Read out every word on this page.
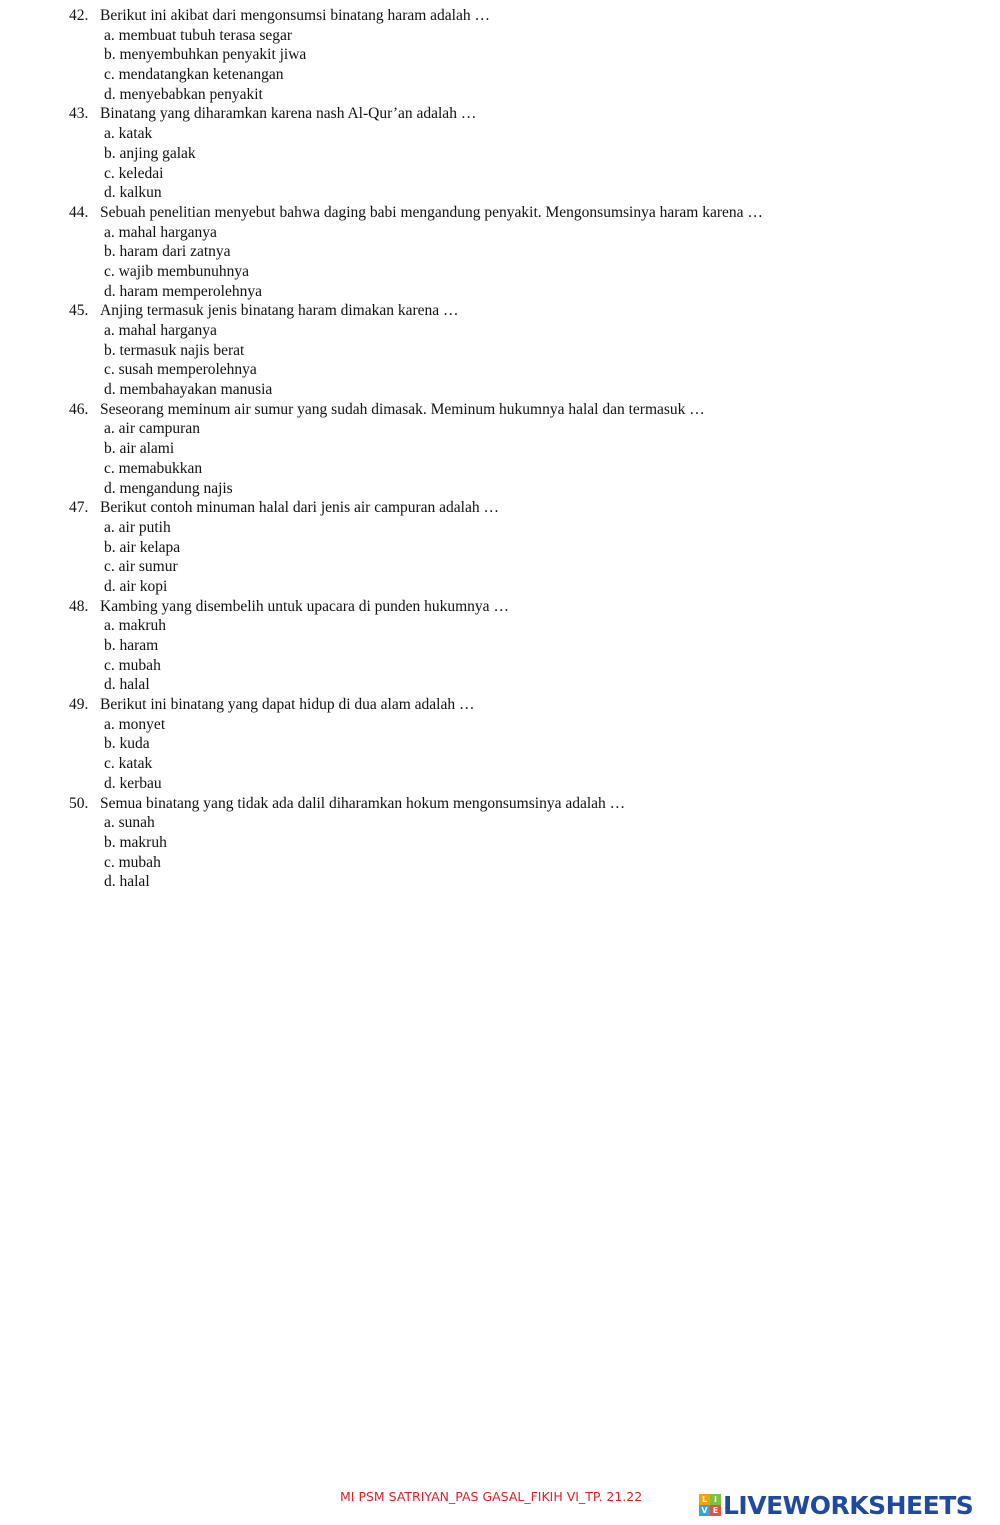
42. Berikut ini akibat dari mengonsumsi binatang haram adalah …
a. membuat tubuh terasa segar
b. menyembuhkan penyakit jiwa
c. mendatangkan ketenangan
d. menyebabkan penyakit
43. Binatang yang diharamkan karena nash Al-Qur’an adalah …
a. katak
b. anjing galak
c. keledai
d. kalkun
44. Sebuah penelitian menyebut bahwa daging babi mengandung penyakit. Mengonsumsinya haram karena …
a. mahal harganya
b. haram dari zatnya
c. wajib membunuhnya
d. haram memperolehnya
45. Anjing termasuk jenis binatang haram dimakan karena …
a. mahal harganya
b. termasuk najis berat
c. susah memperolehnya
d. membahayakan manusia
46. Seseorang meminum air sumur yang sudah dimasak. Meminum hukumnya halal dan termasuk …
a. air campuran
b. air alami
c. memabukkan
d. mengandung najis
47. Berikut contoh minuman halal dari jenis air campuran adalah …
a. air putih
b. air kelapa
c. air sumur
d. air kopi
48. Kambing yang disembelih untuk upacara di punden hukumnya …
a. makruh
b. haram
c. mubah
d. halal
49. Berikut ini binatang yang dapat hidup di dua alam adalah …
a. monyet
b. kuda
c. katak
d. kerbau
50. Semua binatang yang tidak ada dalil diharamkan hokum mengonsumsinya adalah …
a. sunah
b. makruh
c. mubah
d. halal
MI PSM SATRIYAN_PAS GASAL_FIKIH VI_TP. 21.22	L I
V E LIVEWORKSHEETS
